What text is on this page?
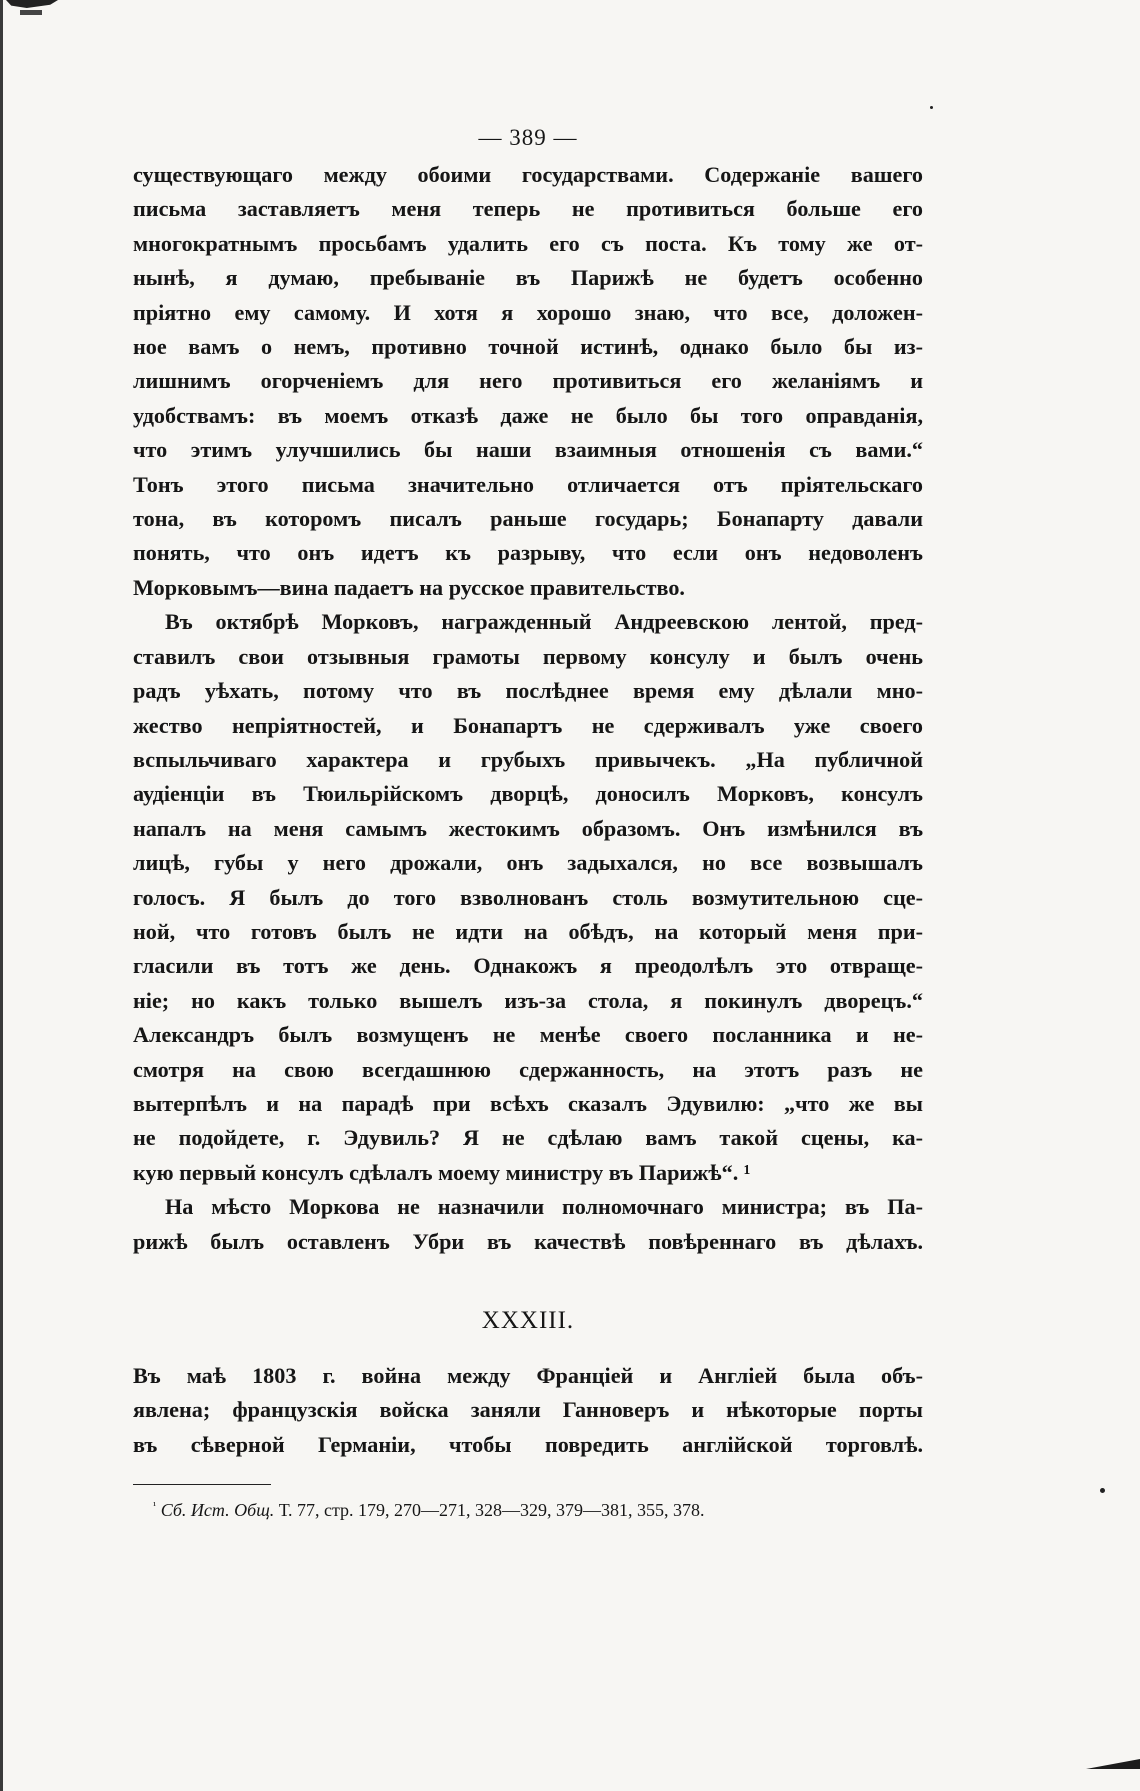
— 389 —

существующаго между обоими государствами. Содержаніе вашего
письма заставляетъ меня теперь не противиться больше его
многократнымъ просьбамъ удалить его съ поста. Къ тому же от-
нынѣ, я думаю, пребываніе въ Парижѣ не будетъ особенно
пріятно ему самому. И хотя я хорошо знаю, что все, доложен-
ное вамъ о немъ, противно точной истинѣ, однако было бы из-
лишнимъ огорченіемъ для него противиться его желаніямъ и
удобствамъ: въ моемъ отказѣ даже не было бы того оправданія,
что этимъ улучшились бы наши взаимныя отношенія съ вами.“
Тонъ этого письма значительно отличается отъ пріятельскаго
тона, въ которомъ писалъ раньше государь; Бонапарту давали
понять, что онъ идетъ къ разрыву, что если онъ недоволенъ
Морковымъ—вина падаетъ на русское правительство.

Въ октябрѣ Морковъ, награжденный Андреевскою лентой, пред-
ставилъ свои отзывныя грамоты первому консулу и былъ очень
радъ уѣхать, потому что въ послѣднее время ему дѣлали мно-
жество непріятностей, и Бонапартъ не сдерживалъ уже своего
вспыльчиваго характера и грубыхъ привычекъ. „На публичной
аудіенціи въ Тюильрійскомъ дворцѣ, доносилъ Морковъ, консулъ
напалъ на меня самымъ жестокимъ образомъ. Онъ измѣнился въ
лицѣ, губы у него дрожали, онъ задыхался, но все возвышалъ
голосъ. Я былъ до того взволнованъ столь возмутительною сце-
ной, что готовъ былъ не идти на обѣдъ, на который меня при-
гласили въ тотъ же день. Однакожъ я преодолѣлъ это отвраще-
ніе; но какъ только вышелъ изъ-за стола, я покинулъ дворецъ.“
Александръ былъ возмущенъ не менѣе своего посланника и не-
смотря на свою всегдашнюю сдержанность, на этотъ разъ не
вытерпѣлъ и на парадѣ при всѣхъ сказалъ Эдувилю: „что же вы
не подойдете, г. Эдувиль? Я не сдѣлаю вамъ такой сцены, ка-
кую первый консулъ сдѣлалъ моему министру въ Парижѣ“. ¹

На мѣсто Моркова не назначили полномочнаго министра; въ Па-
рижѣ былъ оставленъ Убри въ качествѣ повѣреннаго въ дѣлахъ.

XXXIII.

Въ маѣ 1803 г. война между Франціей и Англіей была объ-
явлена; французскія войска заняли Ганноверъ и нѣкоторые порты
въ сѣверной Германіи, чтобы повредить англійской торговлѣ.

$^{^1}$ Сб. Ист. Общ. Т. 77, стр. 179, 270—271, 328—329, 379—381, 355, 378.
